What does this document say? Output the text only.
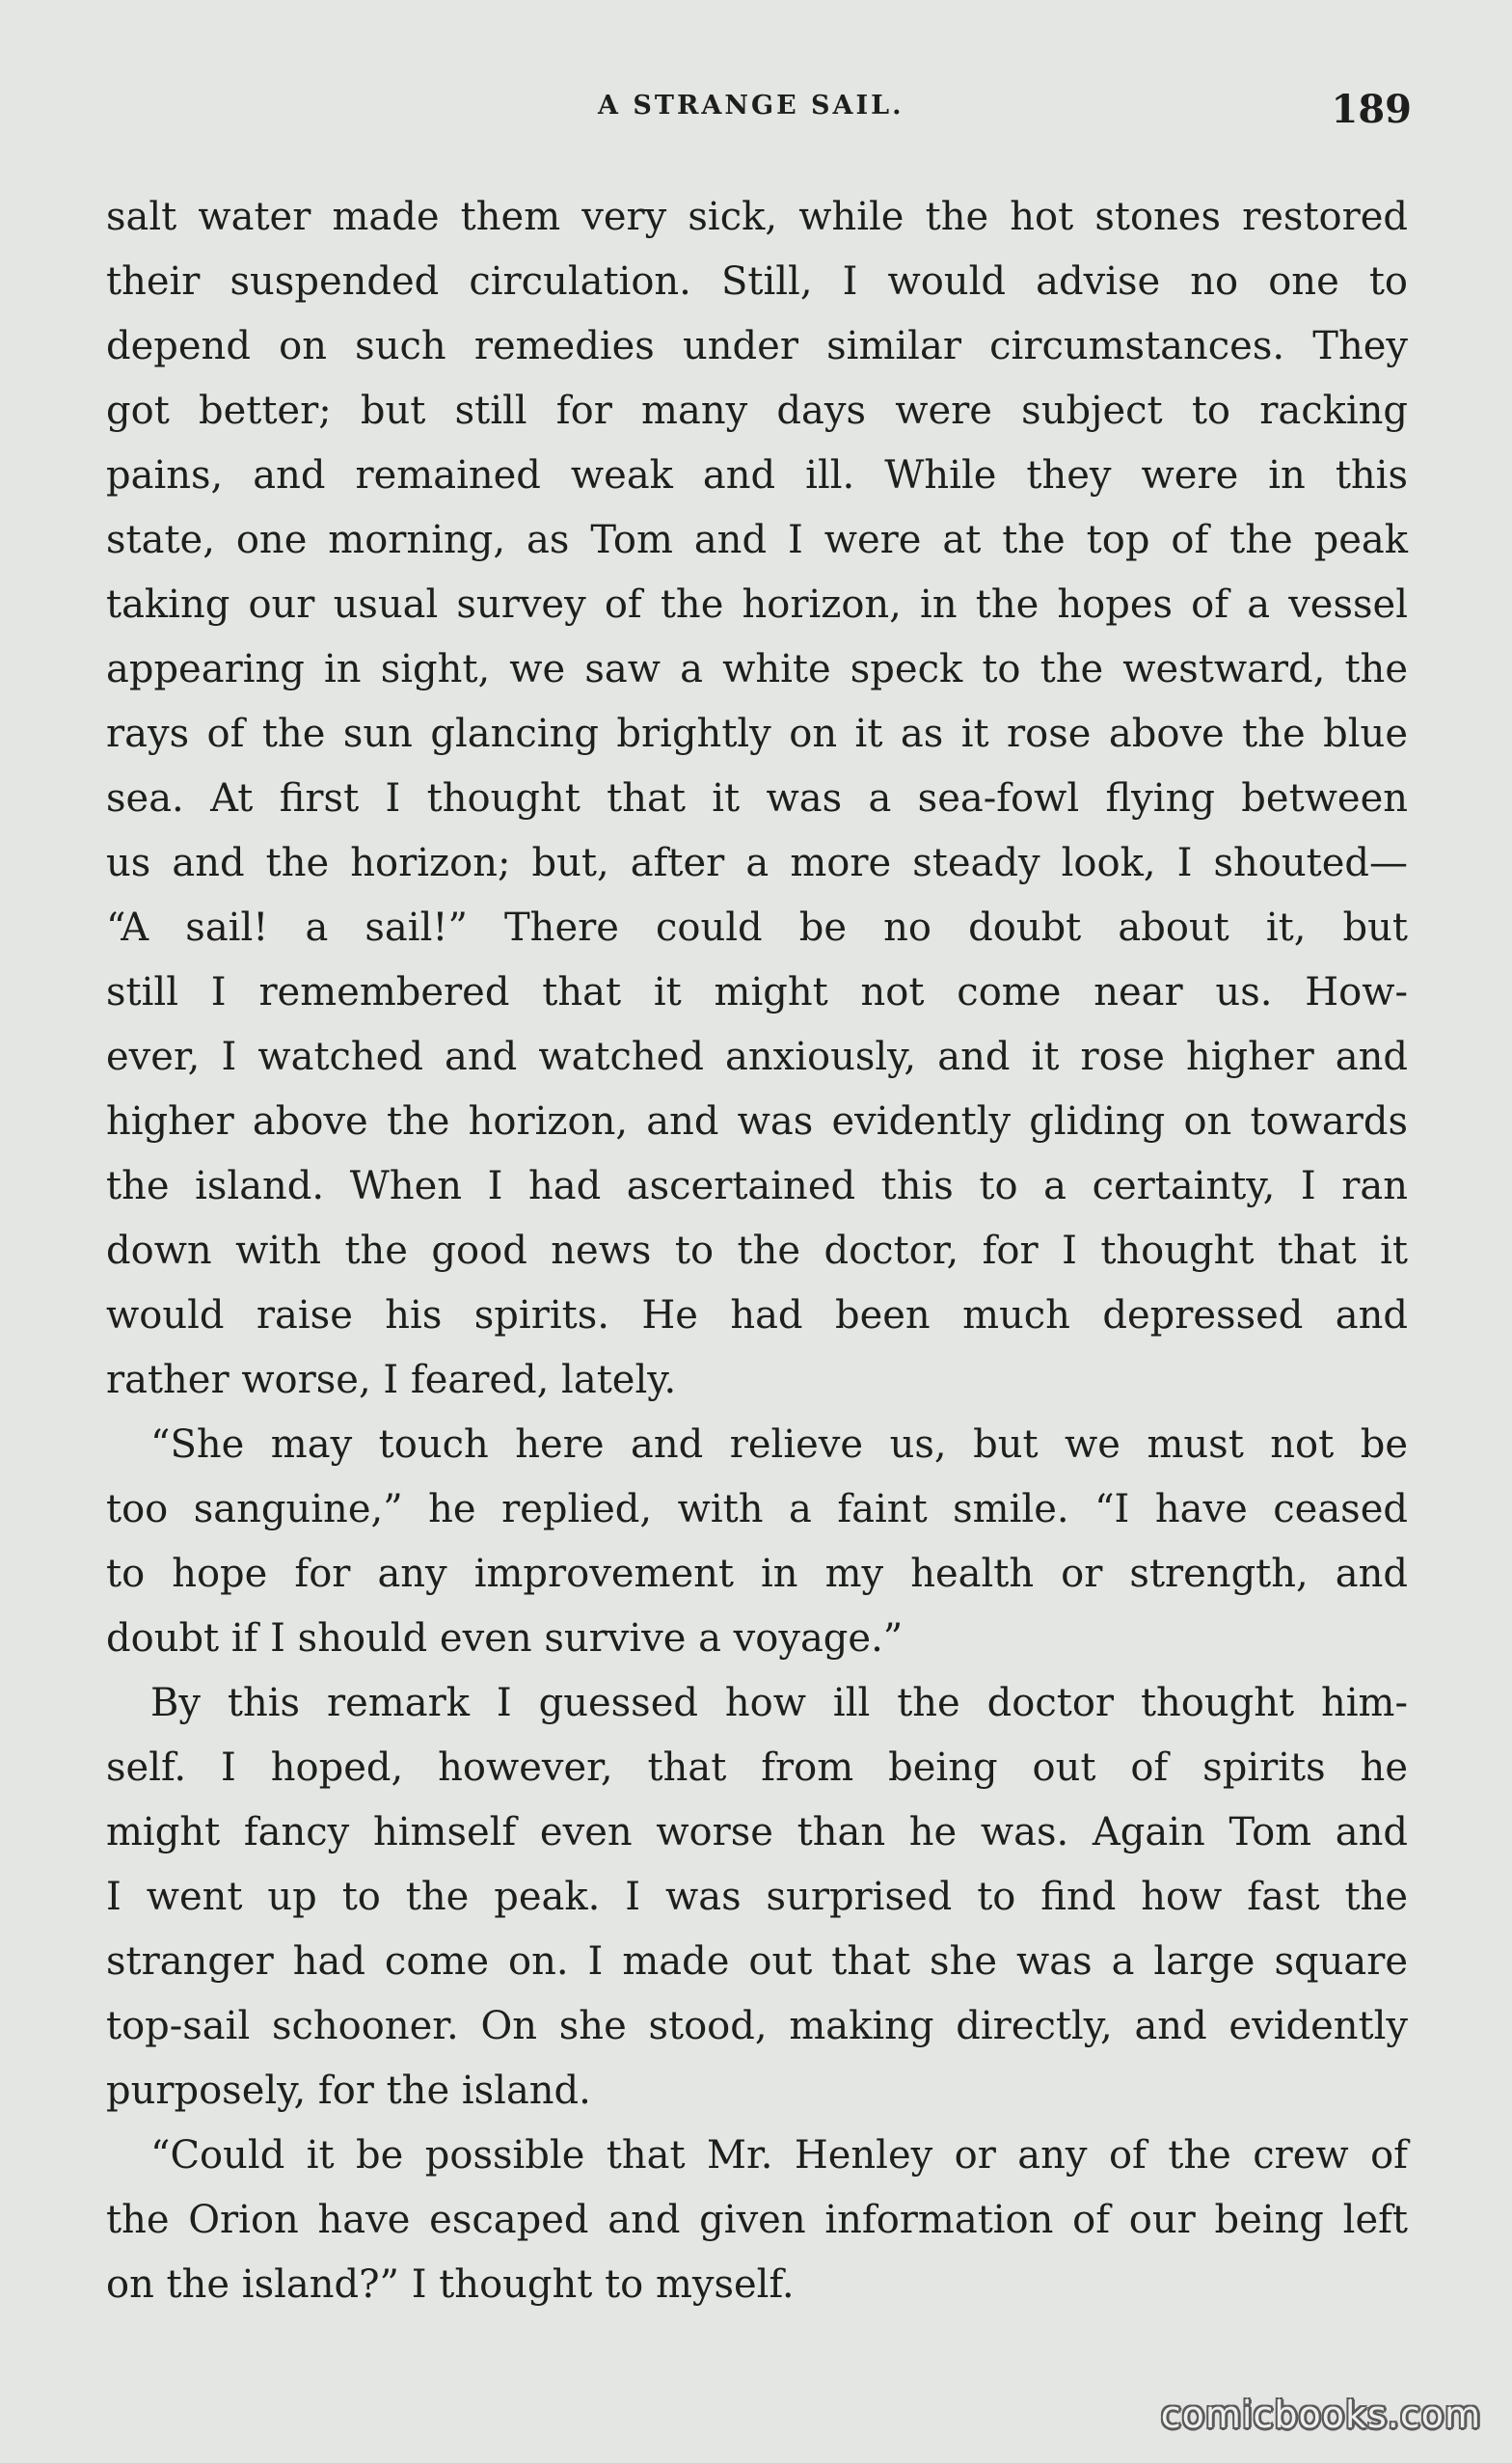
A STRANGE SAIL.	189
salt water made them very sick, while the hot stones restored
their suspended circulation. Still, I would advise no one to
depend on such remedies under similar circumstances. They
got better; but still for many days were subject to racking
pains, and remained weak and ill. While they were in this
state, one morning, as Tom and I were at the top of the peak
taking our usual survey of the horizon, in the hopes of a vessel
appearing in sight, we saw a white speck to the westward, the
rays of the sun glancing brightly on it as it rose above the blue
sea. At first I thought that it was a sea-fowl flying between
us and the horizon; but, after a more steady look, I shouted—
“A sail! a sail!” There could be no doubt about it, but
still I remembered that it might not come near us. How-
ever, I watched and watched anxiously, and it rose higher and
higher above the horizon, and was evidently gliding on towards
the island. When I had ascertained this to a certainty, I ran
down with the good news to the doctor, for I thought that it
would raise his spirits. He had been much depressed and
rather worse, I feared, lately.
“She may touch here and relieve us, but we must not be
too sanguine,” he replied, with a faint smile. “I have ceased
to hope for any improvement in my health or strength, and
doubt if I should even survive a voyage.”
By this remark I guessed how ill the doctor thought him-
self. I hoped, however, that from being out of spirits he
might fancy himself even worse than he was. Again Tom and
I went up to the peak. I was surprised to find how fast the
stranger had come on. I made out that she was a large square
top-sail schooner. On she stood, making directly, and evidently
purposely, for the island.
“Could it be possible that Mr. Henley or any of the crew of
the Orion have escaped and given information of our being left
on the island?” I thought to myself.
comicbooks.com
